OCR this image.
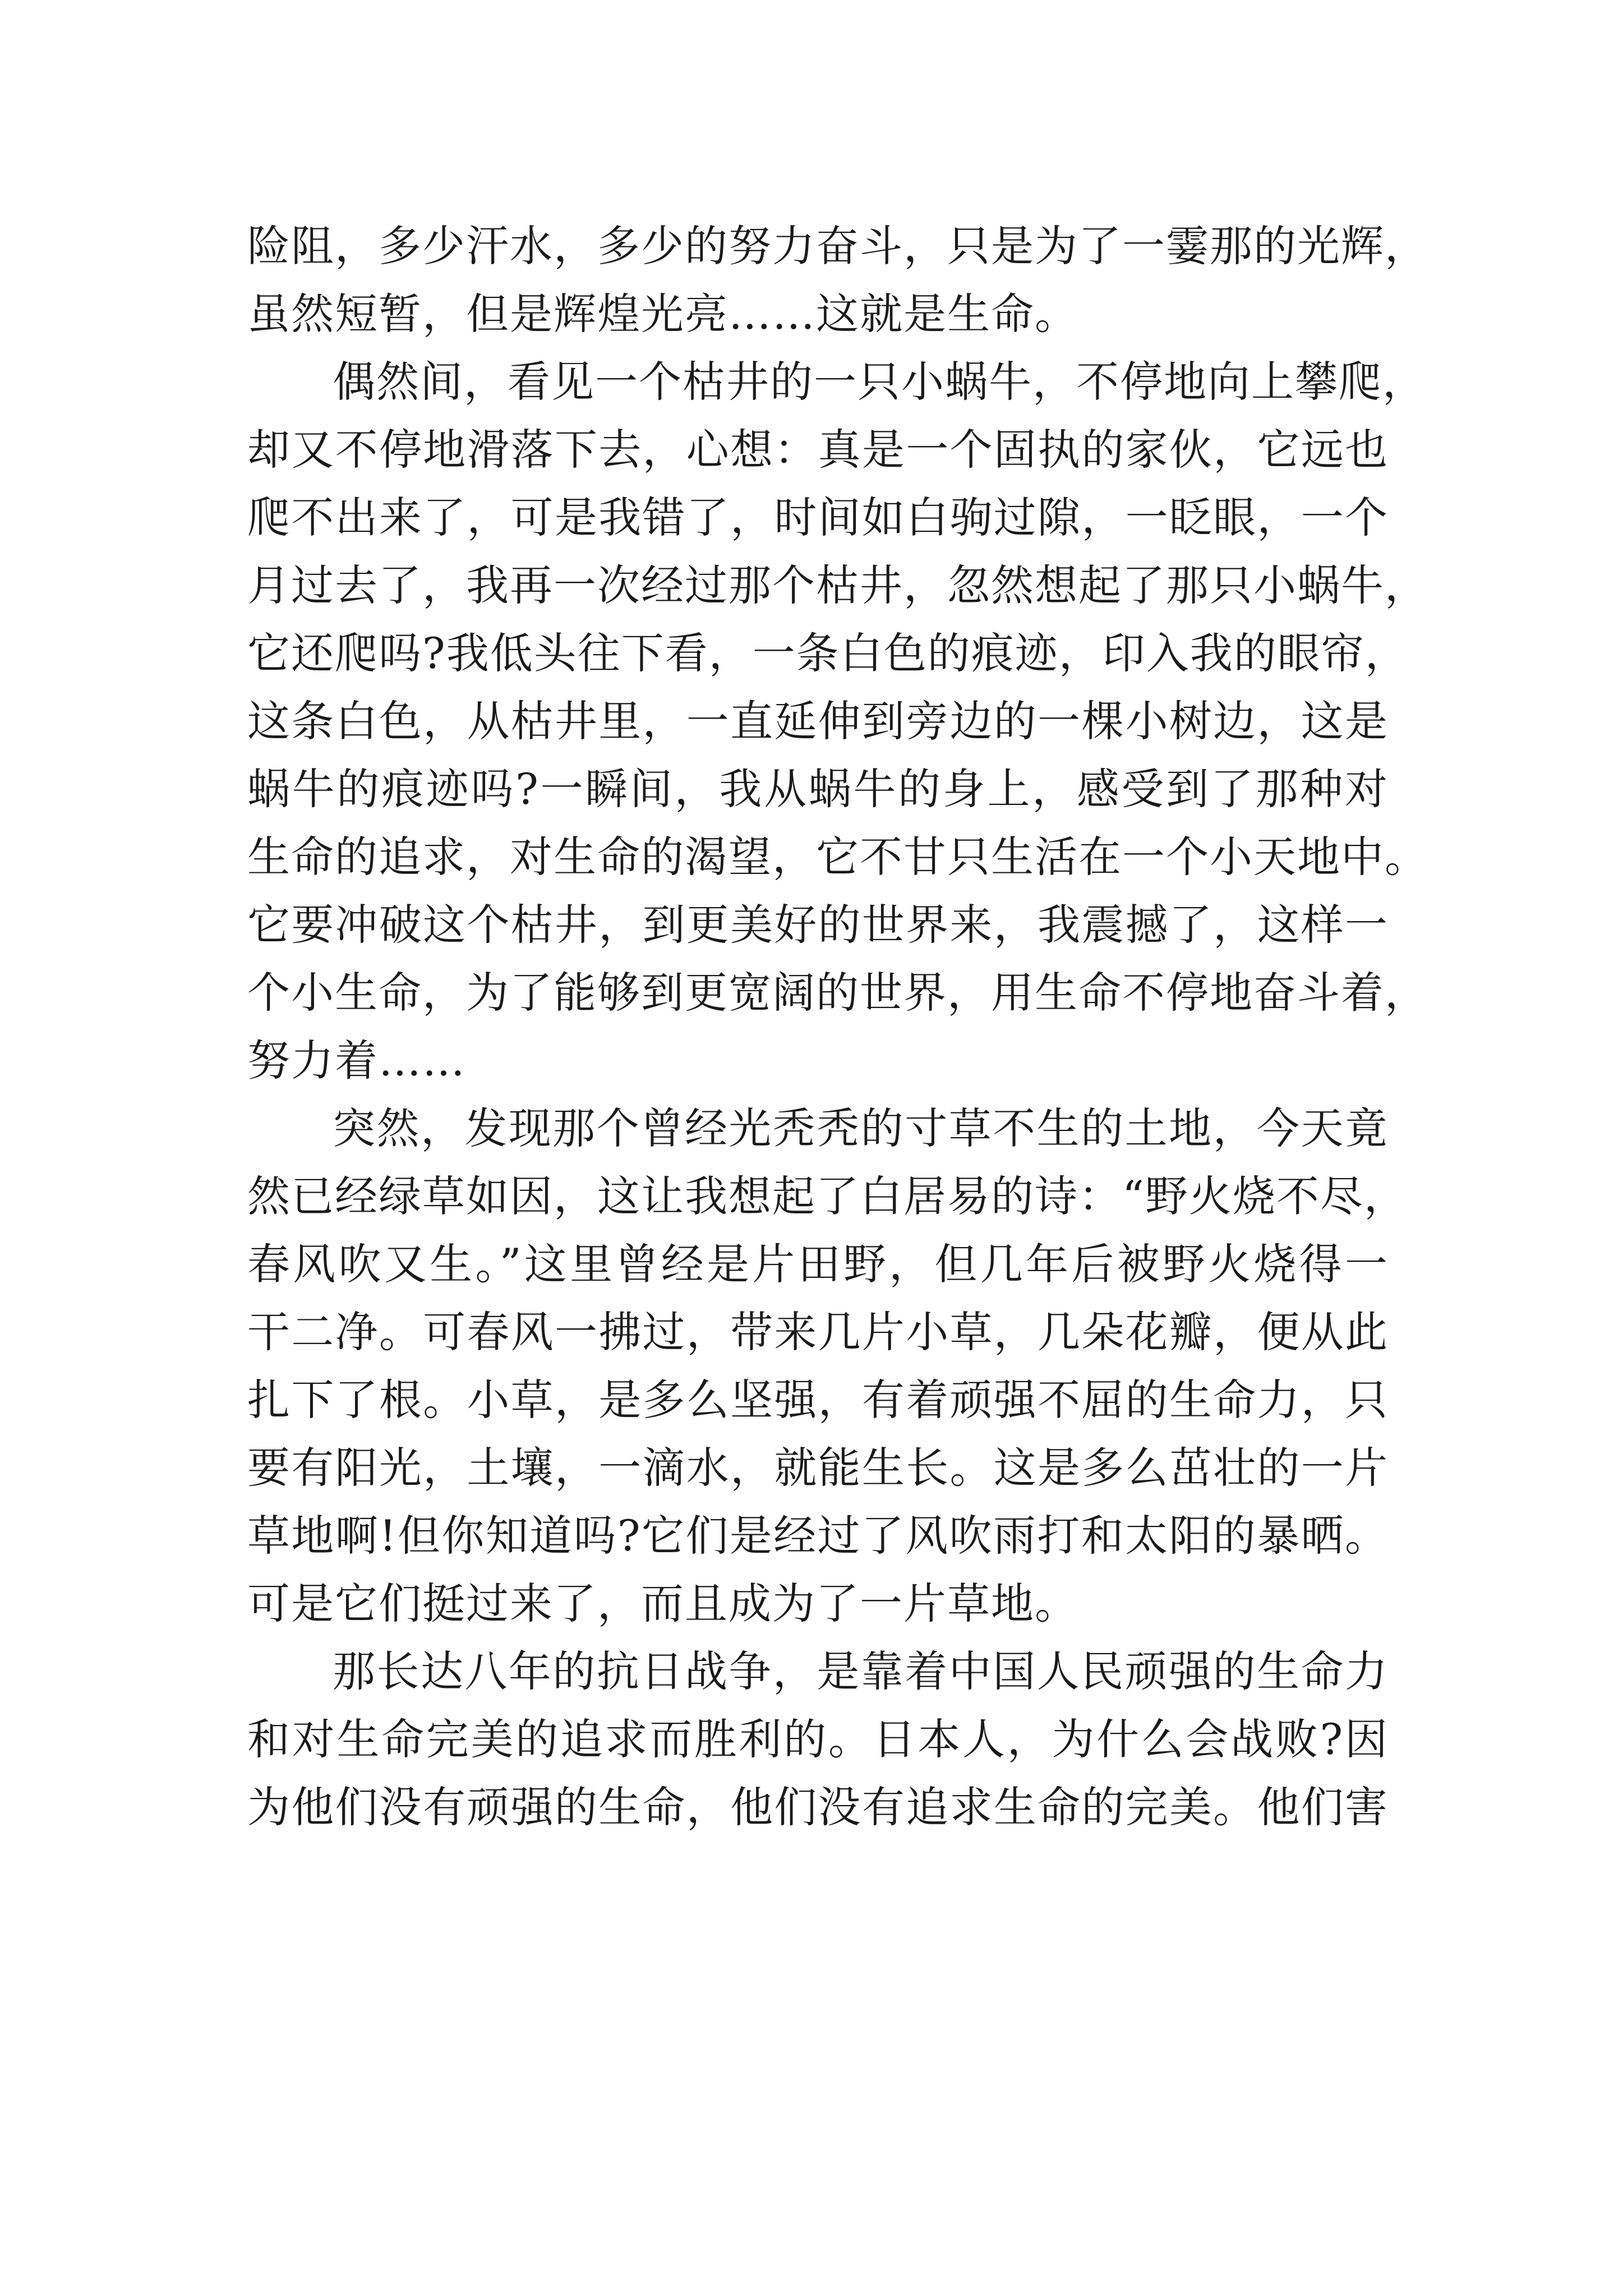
险阻，多少汗水，多少的努力奋斗，只是为了一霎那的光辉，
虽然短暂，但是辉煌光亮……这就是生命。
偶然间，看见一个枯井的一只小蜗牛，不停地向上攀爬，
却又不停地滑落下去，心想：真是一个固执的家伙，它远也
爬不出来了，可是我错了，时间如白驹过隙，一眨眼，一个
月过去了，我再一次经过那个枯井，忽然想起了那只小蜗牛，
它还爬吗?我低头往下看，一条白色的痕迹，印入我的眼帘，
这条白色，从枯井里，一直延伸到旁边的一棵小树边，这是
蜗牛的痕迹吗?一瞬间，我从蜗牛的身上，感受到了那种对
生命的追求，对生命的渴望，它不甘只生活在一个小天地中。
它要冲破这个枯井，到更美好的世界来，我震撼了，这样一
个小生命，为了能够到更宽阔的世界，用生命不停地奋斗着，
努力着……
突然，发现那个曾经光秃秃的寸草不生的土地，今天竟
然已经绿草如因，这让我想起了白居易的诗：“野火烧不尽，
春风吹又生。”这里曾经是片田野，但几年后被野火烧得一
干二净。可春风一拂过，带来几片小草，几朵花瓣，便从此
扎下了根。小草，是多么坚强，有着顽强不屈的生命力，只
要有阳光，土壤，一滴水，就能生长。这是多么茁壮的一片
草地啊!但你知道吗?它们是经过了风吹雨打和太阳的暴晒。
可是它们挺过来了，而且成为了一片草地。
那长达八年的抗日战争，是靠着中国人民顽强的生命力
和对生命完美的追求而胜利的。日本人，为什么会战败?因
为他们没有顽强的生命，他们没有追求生命的完美。他们害
